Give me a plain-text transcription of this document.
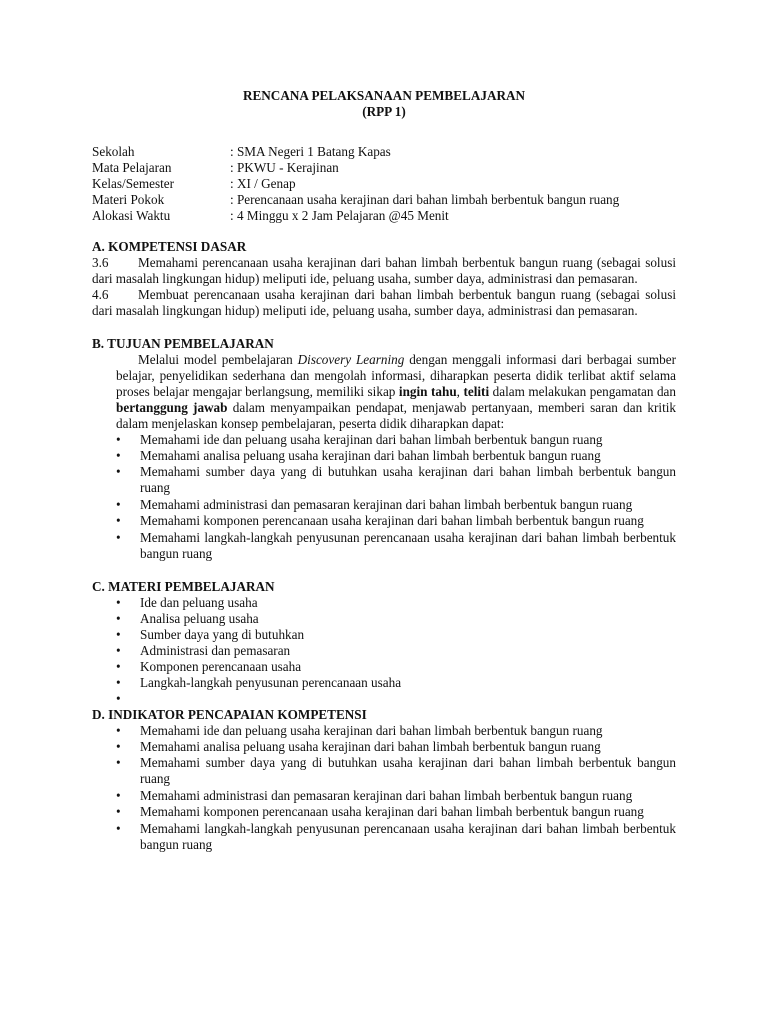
RENCANA PELAKSANAAN PEMBELAJARAN
(RPP 1)
Sekolah	: SMA Negeri 1 Batang Kapas
Mata Pelajaran	: PKWU - Kerajinan
Kelas/Semester	: XI / Genap
Materi Pokok	: Perencanaan usaha kerajinan dari bahan limbah berbentuk bangun ruang
Alokasi Waktu	: 4 Minggu x 2 Jam Pelajaran @45 Menit
A. KOMPETENSI DASAR
3.6 Memahami perencanaan usaha kerajinan dari bahan limbah berbentuk bangun ruang (sebagai solusi dari masalah lingkungan hidup) meliputi ide, peluang usaha, sumber daya, administrasi dan pemasaran.
4.6 Membuat perencanaan usaha kerajinan dari bahan limbah berbentuk bangun ruang (sebagai solusi dari masalah lingkungan hidup) meliputi ide, peluang usaha, sumber daya, administrasi dan pemasaran.
B. TUJUAN PEMBELAJARAN
Melalui model pembelajaran Discovery Learning dengan menggali informasi dari berbagai sumber belajar, penyelidikan sederhana dan mengolah informasi, diharapkan peserta didik terlibat aktif selama proses belajar mengajar berlangsung, memiliki sikap ingin tahu, teliti dalam melakukan pengamatan dan bertanggung jawab dalam menyampaikan pendapat, menjawab pertanyaan, memberi saran dan kritik dalam menjelaskan konsep pembelajaran, peserta didik diharapkan dapat:
•	Memahami ide dan peluang usaha kerajinan dari bahan limbah berbentuk bangun ruang
•	Memahami analisa peluang usaha kerajinan dari bahan limbah berbentuk bangun ruang
•	Memahami sumber daya yang di butuhkan usaha kerajinan dari bahan limbah berbentuk bangun ruang
•	Memahami administrasi dan pemasaran kerajinan dari bahan limbah berbentuk bangun ruang
•	Memahami komponen perencanaan usaha kerajinan dari bahan limbah berbentuk bangun ruang
•	Memahami langkah-langkah penyusunan perencanaan usaha kerajinan dari bahan limbah berbentuk bangun ruang
C. MATERI PEMBELAJARAN
•	Ide dan peluang usaha
•	Analisa peluang usaha
•	Sumber daya yang di butuhkan
•	Administrasi dan pemasaran
•	Komponen perencanaan usaha
•	Langkah-langkah penyusunan perencanaan usaha
•
D. INDIKATOR PENCAPAIAN KOMPETENSI
•	Memahami ide dan peluang usaha kerajinan dari bahan limbah berbentuk bangun ruang
•	Memahami analisa peluang usaha kerajinan dari bahan limbah berbentuk bangun ruang
•	Memahami sumber daya yang di butuhkan usaha kerajinan dari bahan limbah berbentuk bangun ruang
•	Memahami administrasi dan pemasaran kerajinan dari bahan limbah berbentuk bangun ruang
•	Memahami komponen perencanaan usaha kerajinan dari bahan limbah berbentuk bangun ruang
•	Memahami langkah-langkah penyusunan perencanaan usaha kerajinan dari bahan limbah berbentuk bangun ruang
